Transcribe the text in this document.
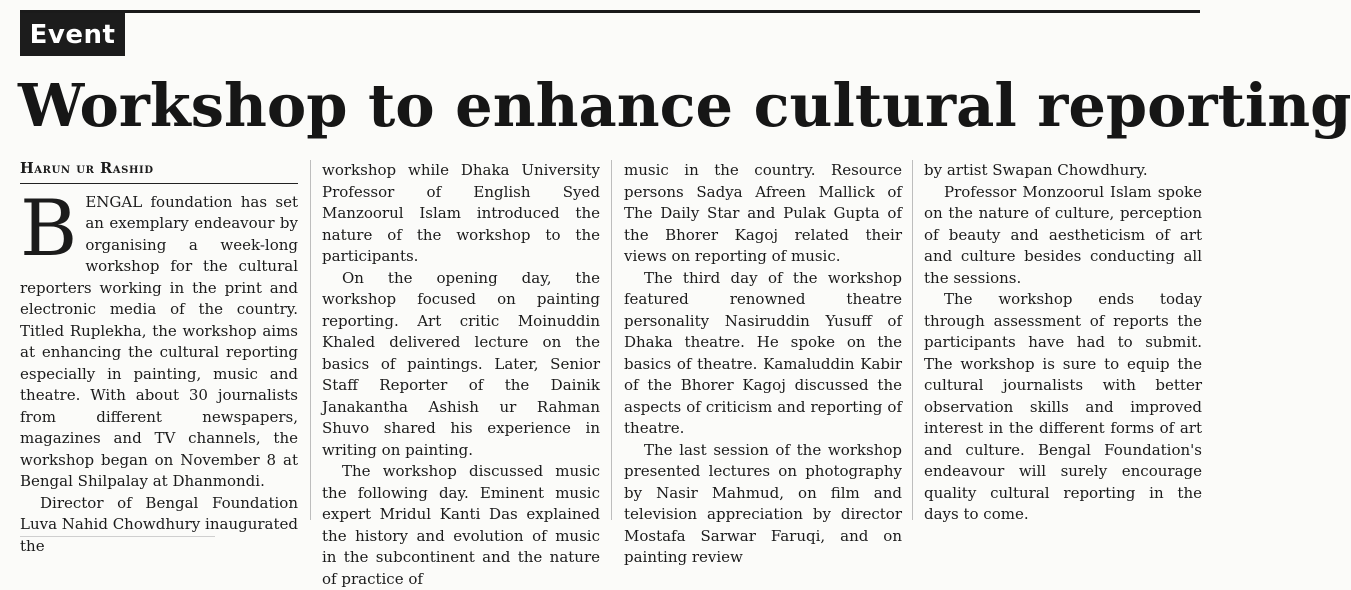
Event
Workshop to enhance cultural reporting
Harun ur Rashid

BENGAL foundation has set an exemplary endeavour by organising a week-long workshop for the cultural reporters working in the print and electronic media of the country. Titled Ruplekha, the workshop aims at enhancing the cultural reporting especially in painting, music and theatre. With about 30 journalists from different newspapers, magazines and TV channels, the workshop began on November 8 at Bengal Shilpalay at Dhanmondi.

Director of Bengal Foundation Luva Nahid Chowdhury inaugurated the

workshop while Dhaka University Professor of English Syed Manzoorul Islam introduced the nature of the workshop to the participants.

On the opening day, the workshop focused on painting reporting. Art critic Moinuddin Khaled delivered lecture on the basics of paintings. Later, Senior Staff Reporter of the Dainik Janakantha Ashish ur Rahman Shuvo shared his experience in writing on painting.

The workshop discussed music the following day. Eminent music expert Mridul Kanti Das explained the history and evolution of music in the subcontinent and the nature of practice of

music in the country. Resource persons Sadya Afreen Mallick of The Daily Star and Pulak Gupta of the Bhorer Kagoj related their views on reporting of music.

The third day of the workshop featured renowned theatre personality Nasiruddin Yusuff of Dhaka theatre. He spoke on the basics of theatre. Kamaluddin Kabir of the Bhorer Kagoj discussed the aspects of criticism and reporting of theatre.

The last session of the workshop presented lectures on photography by Nasir Mahmud, on film and television appreciation by director Mostafa Sarwar Faruqi, and on painting review

by artist Swapan Chowdhury.

Professor Monzoorul Islam spoke on the nature of culture, perception of beauty and aestheticism of art and culture besides conducting all the sessions.

The workshop ends today through assessment of reports the participants have had to submit. The workshop is sure to equip the cultural journalists with better observation skills and improved interest in the different forms of art and culture. Bengal Foundation's endeavour will surely encourage quality cultural reporting in the days to come.
